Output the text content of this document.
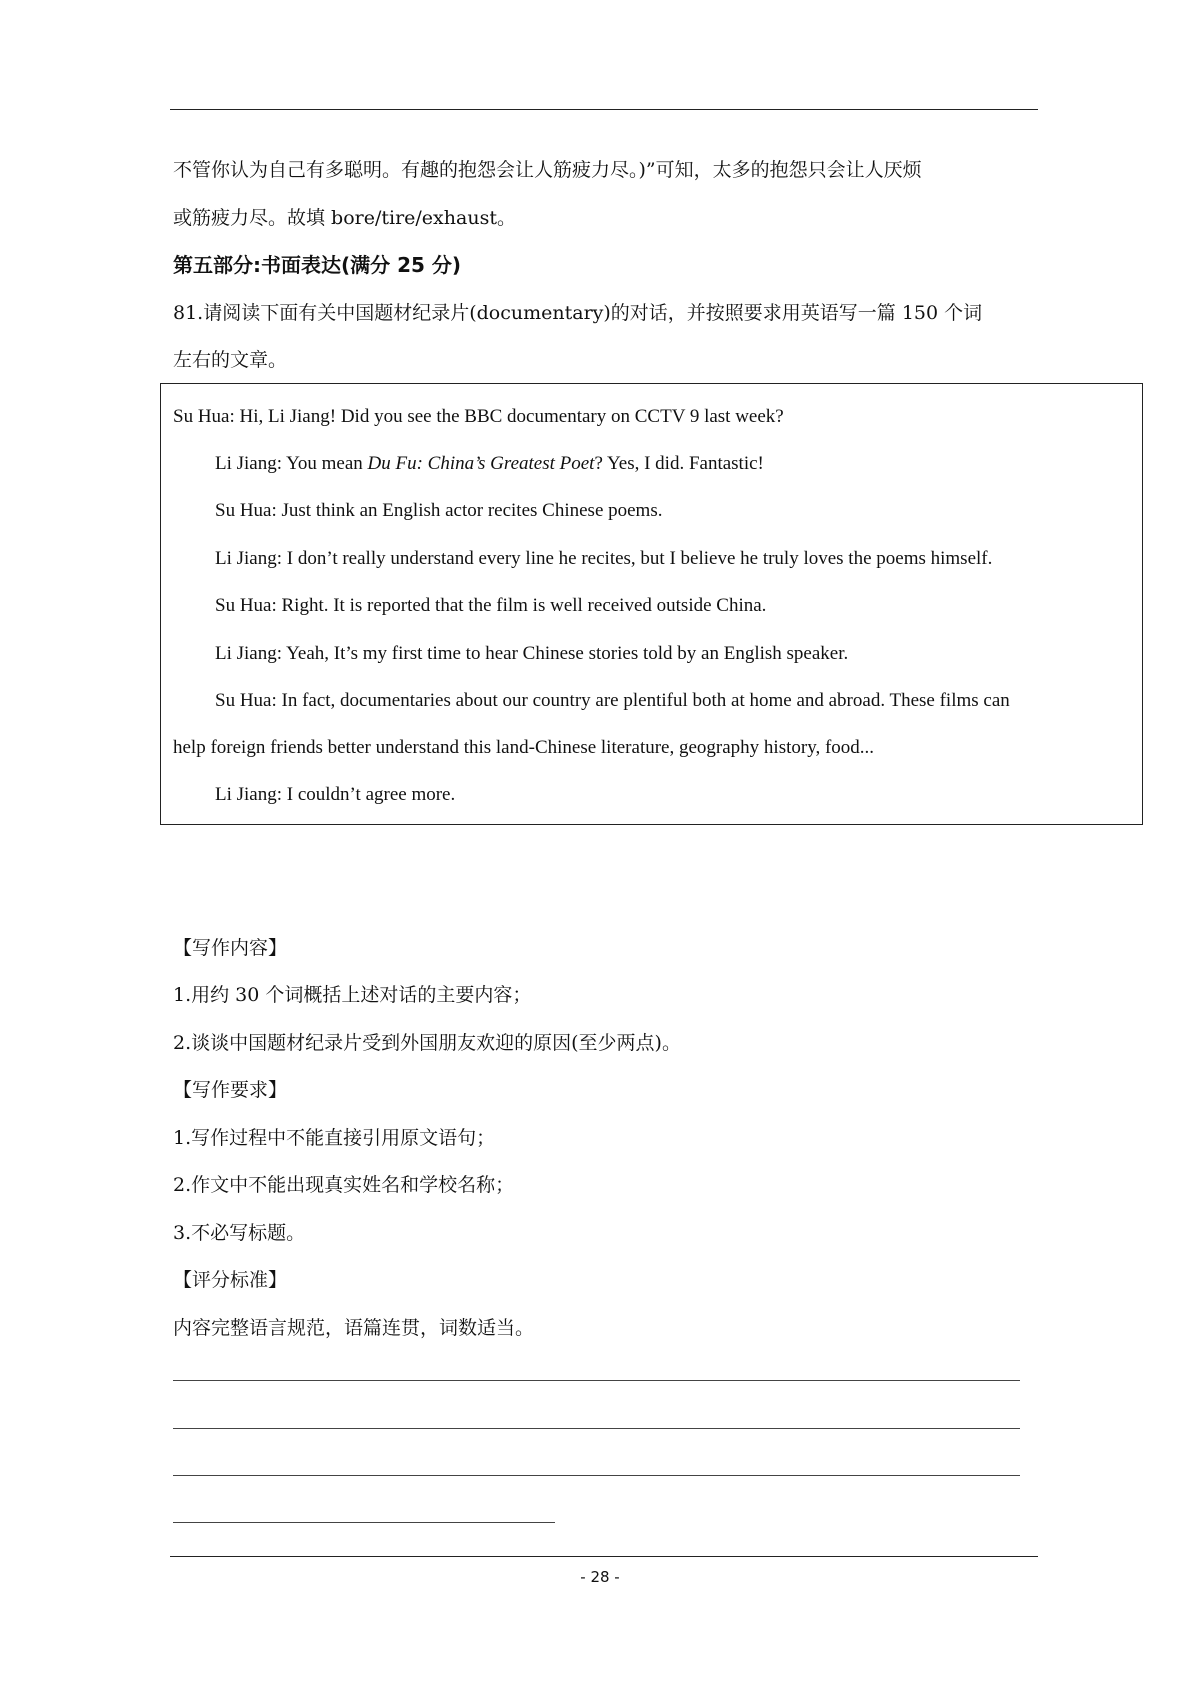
不管你认为自己有多聪明。有趣的抱怨会让人筋疲力尽。)”可知，太多的抱怨只会让人厌烦
或筋疲力尽。故填 bore/tire/exhaust。
第五部分:书面表达(满分 25 分)
81.请阅读下面有关中国题材纪录片(documentary)的对话，并按照要求用英语写一篇 150 个词
左右的文章。
Su Hua: Hi, Li Jiang! Did you see the BBC documentary on CCTV 9 last week?
Li Jiang: You mean Du Fu: China’s Greatest Poet? Yes, I did. Fantastic!
Su Hua: Just think an English actor recites Chinese poems.
Li Jiang: I don’t really understand every line he recites, but I believe he truly loves the poems himself.
Su Hua: Right. It is reported that the film is well received outside China.
Li Jiang: Yeah, It’s my first time to hear Chinese stories told by an English speaker.
Su Hua: In fact, documentaries about our country are plentiful both at home and abroad. These films can
help foreign friends better understand this land-Chinese literature, geography history, food...
Li Jiang: I couldn’t agree more.
【写作内容】
1.用约 30 个词概括上述对话的主要内容；
2.谈谈中国题材纪录片受到外国朋友欢迎的原因(至少两点)。
【写作要求】
1.写作过程中不能直接引用原文语句；
2.作文中不能出现真实姓名和学校名称；
3.不必写标题。
【评分标准】
内容完整语言规范，语篇连贯，词数适当。
- 28 -
